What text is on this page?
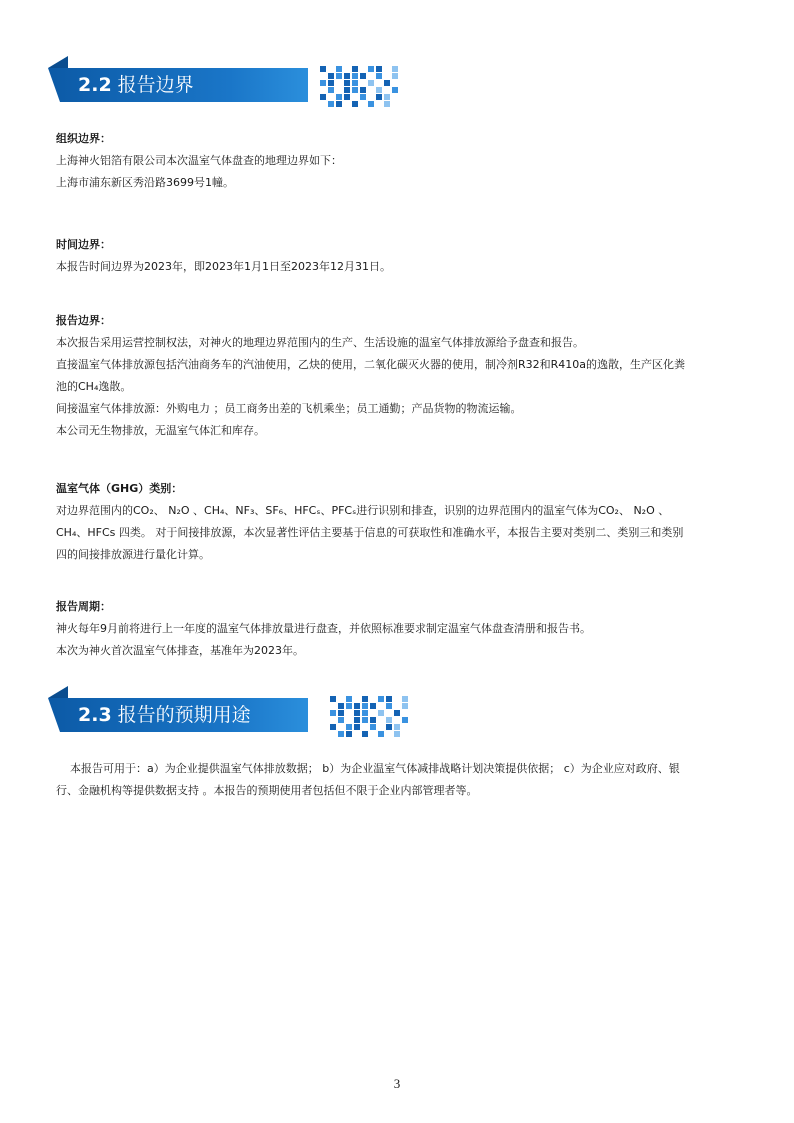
2.2 报告边界

组织边界：

上海神火铝箔有限公司本次温室气体盘查的地理边界如下：

上海市浦东新区秀沿路3699号1幢。

时间边界：

本报告时间边界为2023年，即2023年1月1日至2023年12月31日。

报告边界：

本次报告采用运营控制权法，对神火的地理边界范围内的生产、生活设施的温室气体排放源给予盘查和报告。

直接温室气体排放源包括汽油商务车的汽油使用，乙炔的使用，二氧化碳灭火器的使用，制冷剂R32和R410a的逸散，生产区化粪

池的CH₄逸散。

间接温室气体排放源：外购电力 ；员工商务出差的飞机乘坐；员工通勤；产品货物的物流运输。

本公司无生物排放，无温室气体汇和库存。

温室气体（GHG）类别：

对边界范围内的CO₂、 N₂O 、CH₄、NF₃、SF₆、HFCₛ、PFCₛ进行识别和排查，识别的边界范围内的温室气体为CO₂、 N₂O 、

CH₄、HFCs 四类。 对于间接排放源，本次显著性评估主要基于信息的可获取性和准确水平，本报告主要对类别二、类别三和类别

四的间接排放源进行量化计算。

报告周期：

神火每年9月前将进行上一年度的温室气体排放量进行盘查，并依照标准要求制定温室气体盘查清册和报告书。

本次为神火首次温室气体排查，基准年为2023年。

2.3 报告的预期用途

本报告可用于：a）为企业提供温室气体排放数据； b）为企业温室气体减排战略计划决策提供依据； c）为企业应对政府、银

行、金融机构等提供数据支持 。本报告的预期使用者包括但不限于企业内部管理者等。

3
